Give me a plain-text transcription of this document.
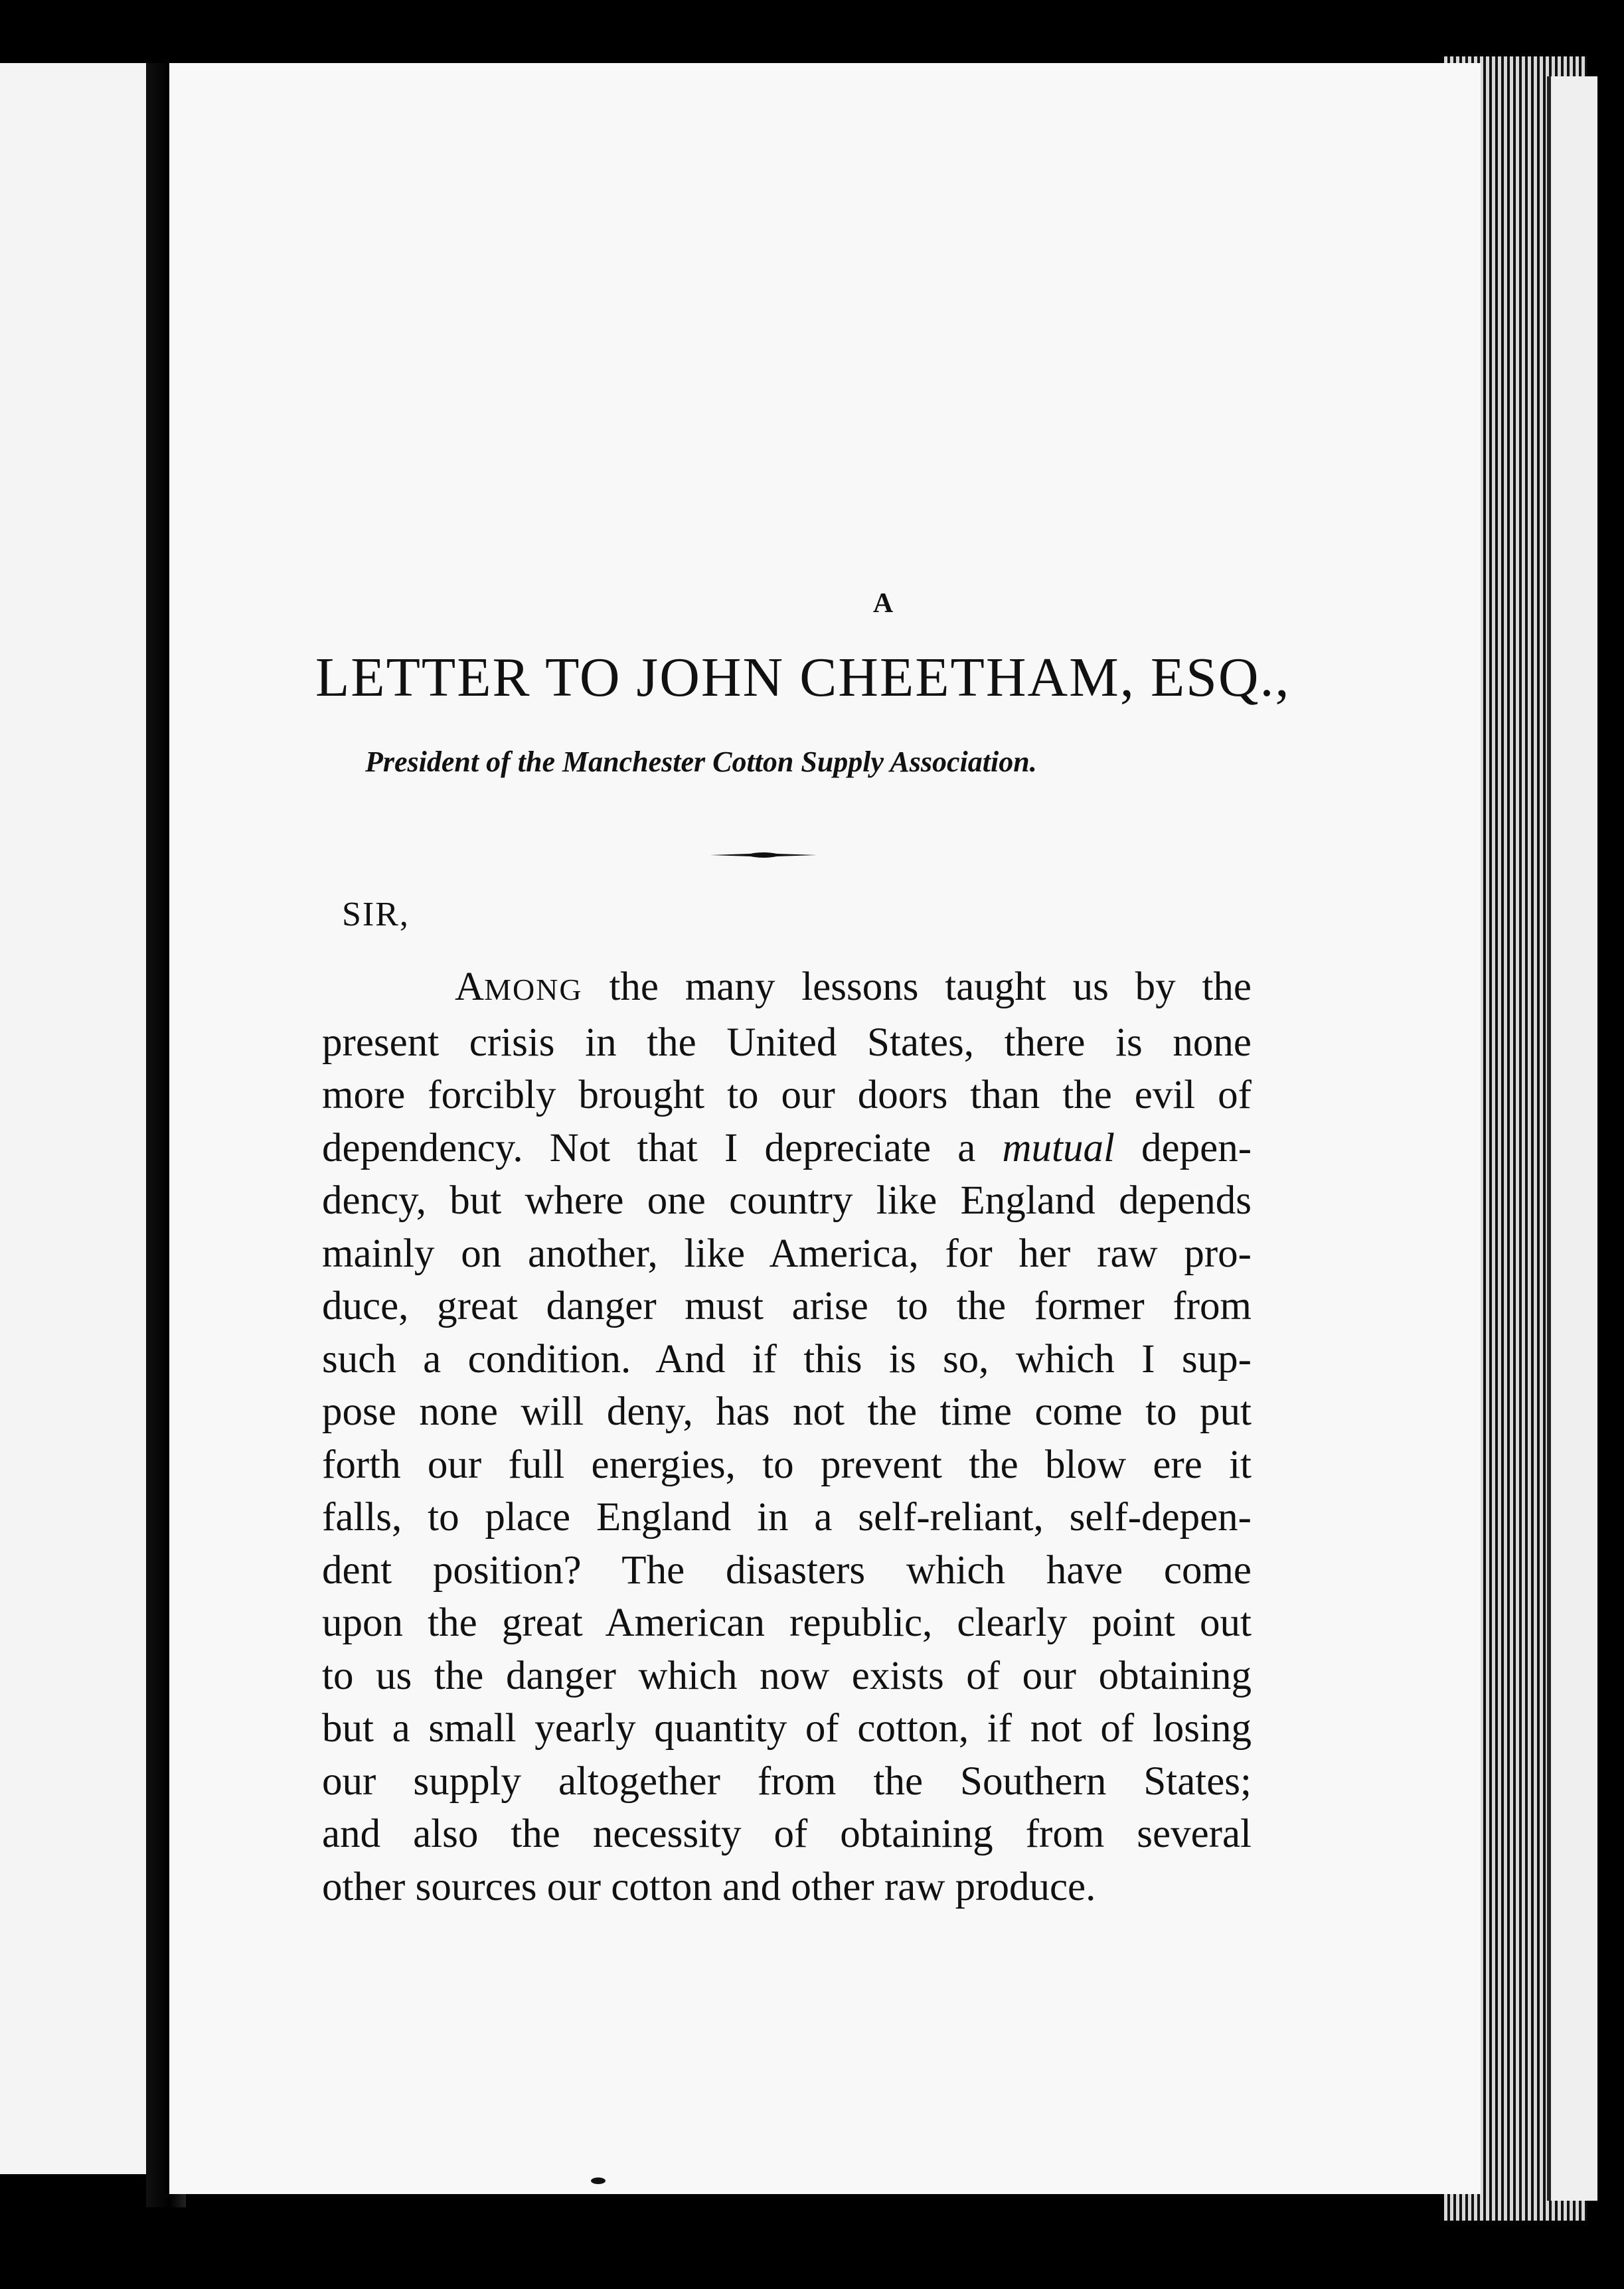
A
LETTER TO JOHN CHEETHAM, ESQ.,
President of the Manchester Cotton Supply Association.
SIR,
AMONG the many lessons taught us by the
present crisis in the United States, there is none
more forcibly brought to our doors than the evil of
dependency. Not that I depreciate a mutual depen-
dency, but where one country like England depends
mainly on another, like America, for her raw pro-
duce, great danger must arise to the former from
such a condition. And if this is so, which I sup-
pose none will deny, has not the time come to put
forth our full energies, to prevent the blow ere it
falls, to place England in a self-reliant, self-depen-
dent position? The disasters which have come
upon the great American republic, clearly point out
to us the danger which now exists of our obtaining
but a small yearly quantity of cotton, if not of losing
our supply altogether from the Southern States;
and also the necessity of obtaining from several
other sources our cotton and other raw produce.
